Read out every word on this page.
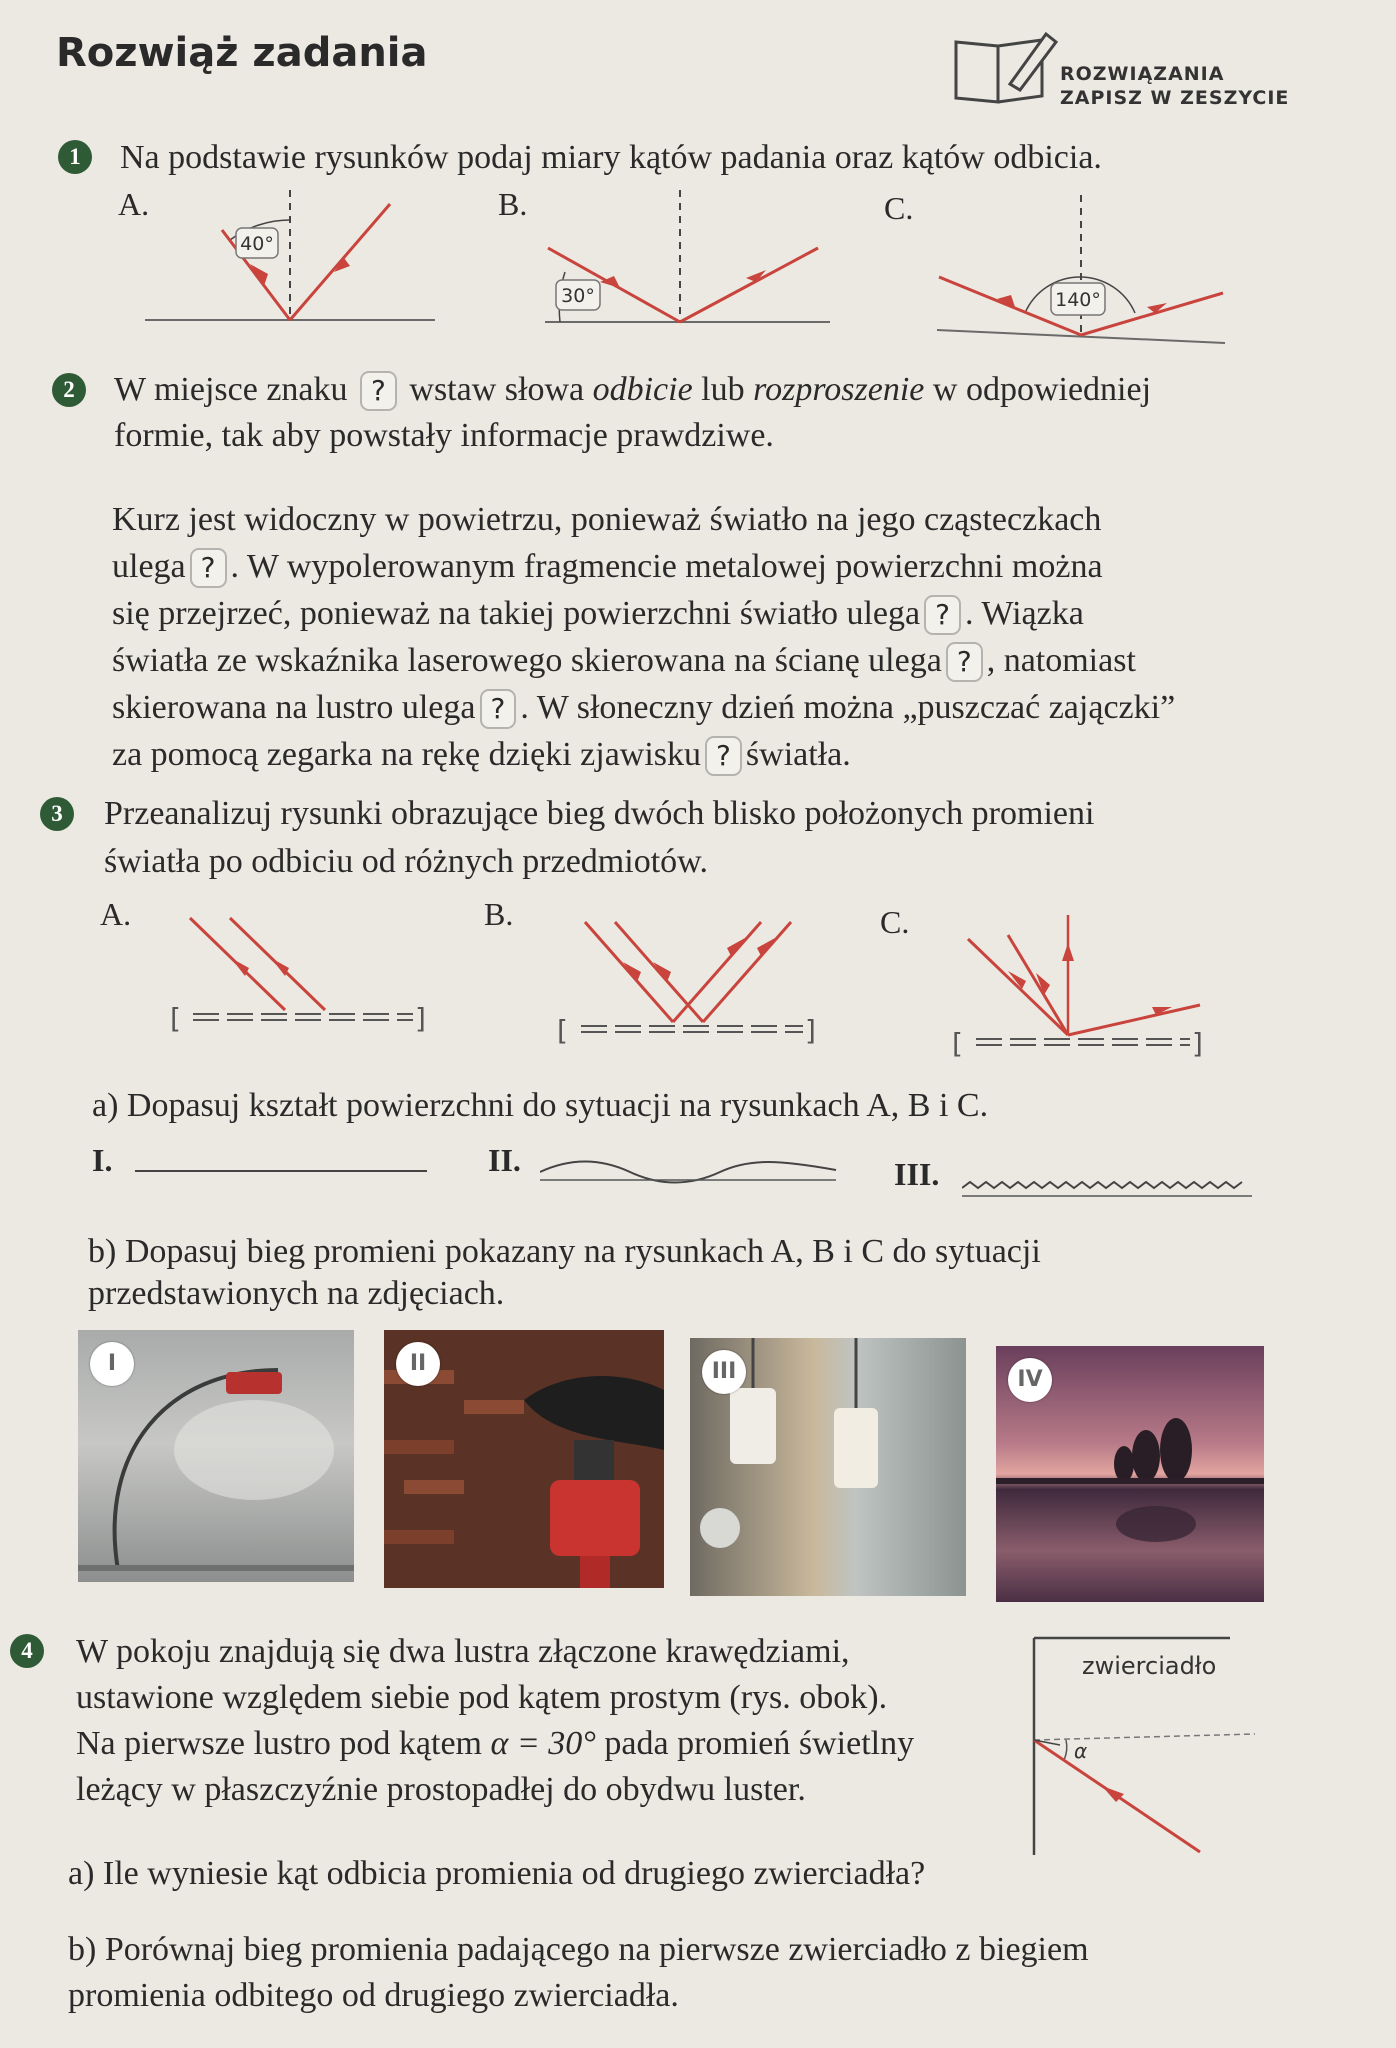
Rozwiąż zadania	ROZWIĄZANIA
ZAPISZ W ZESZYCIE
1	Na podstawie rysunków podaj miary kątów padania oraz kątów odbicia.
A.	B.	C.
40°
30°	140°
2	W miejsce znaku ? wstaw słowa odbicie lub rozproszenie w odpowiedniej
formie, tak aby powstały informacje prawdziwe.
Kurz jest widoczny w powietrzu, ponieważ światło na jego cząsteczkach
ulega ? . W wypolerowanym fragmencie metalowej powierzchni można
się przejrzeć, ponieważ na takiej powierzchni światło ulega ? . Wiązka
światła ze wskaźnika laserowego skierowana na ścianę ulega ? , natomiast
skierowana na lustro ulega ? . W słoneczny dzień można „puszczać zajączki”
za pomocą zegarka na rękę dzięki zjawisku ? światła.
3	Przeanalizuj rysunki obrazujące bieg dwóch blisko położonych promieni
światła po odbiciu od różnych przedmiotów.
A.	B.	C.
[	]	[	]	[	]
a) Dopasuj kształt powierzchni do sytuacji na rysunkach A, B i C.
I.	II.	III.
b) Dopasuj bieg promieni pokazany na rysunkach A, B i C do sytuacji
przedstawionych na zdjęciach.
I	II	III	IV
4	W pokoju znajdują się dwa lustra złączone krawędziami,
ustawione względem siebie pod kątem prostym (rys. obok).
Na pierwsze lustro pod kątem α = 30° pada promień świetlny
leżący w płaszczyźnie prostopadłej do obydwu luster.
zwierciadło
α
a) Ile wyniesie kąt odbicia promienia od drugiego zwierciadła?
b) Porównaj bieg promienia padającego na pierwsze zwierciadło z biegiem
promienia odbitego od drugiego zwierciadła.
